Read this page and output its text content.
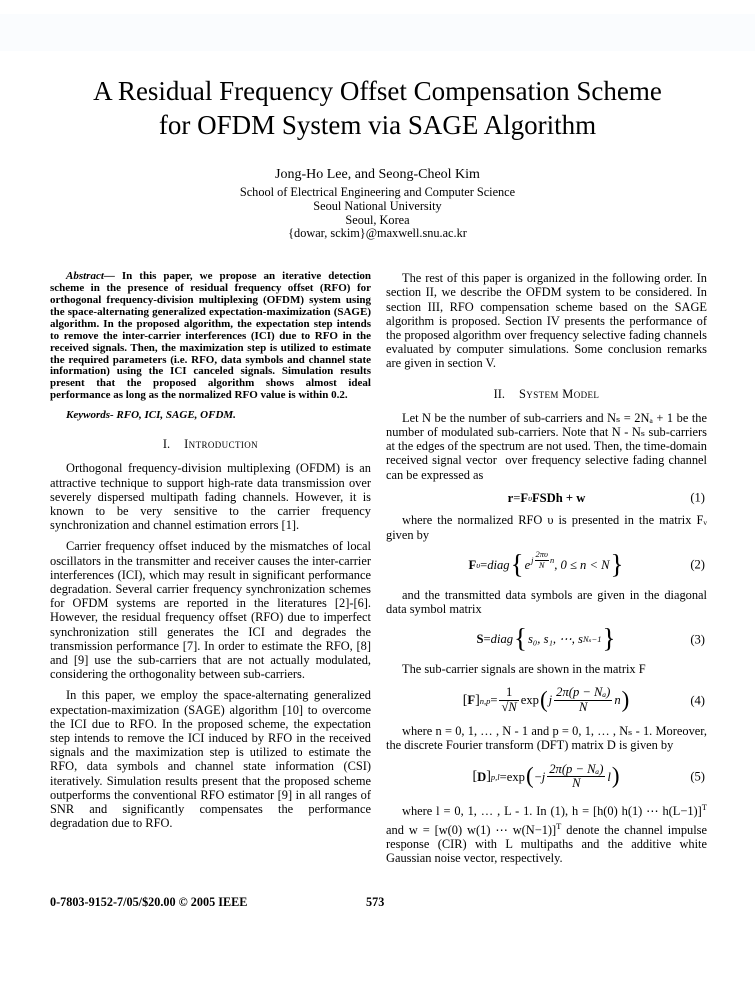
A Residual Frequency Offset Compensation Scheme
for OFDM System via SAGE Algorithm
Jong-Ho Lee, and Seong-Cheol Kim
School of Electrical Engineering and Computer Science
Seoul National University
Seoul, Korea
{dowar, sckim}@maxwell.snu.ac.kr

Abstract— In this paper, we propose an iterative detection scheme in the presence of residual frequency offset (RFO) for orthogonal frequency-division multiplexing (OFDM) system using the space-alternating generalized expectation-maximization (SAGE) algorithm. In the proposed algorithm, the expectation step intends to remove the inter-carrier interferences (ICI) due to RFO in the received signals. Then, the maximization step is utilized to estimate the required parameters (i.e. RFO, data symbols and channel state information) using the ICI canceled signals. Simulation results present that the proposed algorithm shows almost ideal performance as long as the normalized RFO value is within 0.2.

Keywords- RFO, ICI, SAGE, OFDM.

I. Introduction

Orthogonal frequency-division multiplexing (OFDM) is an attractive technique to support high-rate data transmission over severely dispersed multipath fading channels. However, it is known to be very sensitive to the carrier frequency synchronization and channel estimation errors [1].

Carrier frequency offset induced by the mismatches of local oscillators in the transmitter and receiver causes the inter-carrier interferences (ICI), which may result in significant performance degradation. Several carrier frequency synchronization schemes for OFDM systems are reported in the literatures [2]-[6]. However, the residual frequency offset (RFO) due to imperfect synchronization still generates the ICI and degrades the transmission performance [7]. In order to estimate the RFO, [8] and [9] use the sub-carriers that are not actually modulated, considering the orthogonality between sub-carriers.

In this paper, we employ the space-alternating generalized expectation-maximization (SAGE) algorithm [10] to overcome the ICI due to RFO. In the proposed scheme, the expectation step intends to remove the ICI induced by RFO in the received signals and the maximization step is utilized to estimate the RFO, data symbols and channel state information (CSI) iteratively. Simulation results present that the proposed scheme outperforms the conventional RFO estimator [9] in all ranges of SNR and significantly compensates the performance degradation due to RFO.

The rest of this paper is organized in the following order. In section II, we describe the OFDM system to be considered. In section III, RFO compensation scheme based on the SAGE algorithm is proposed. Section IV presents the performance of the proposed algorithm over frequency selective fading channels evaluated by computer simulations. Some conclusion remarks are given in section V.

II. System Model

Let N be the number of sub-carriers and Nₛ = 2Nₐ + 1 be the number of modulated sub-carriers. Note that N - Nₛ sub-carriers at the edges of the spectrum are not used. Then, the time-domain received signal vector  over frequency selective fading channel can be expressed as

r = F υ FSDh + w	(1)

where the normalized RFO υ is presented in the matrix Fᵥ given by

F υ = diag { e j $\frac{2\pi\upsilon}{N}$ n , 0 ≤ n < N }	(2)

and the transmitted data symbols are given in the diagonal data symbol matrix

S = diag { s₀, s₁, ⋯, s Nₛ−1 }	(3)

The sub-carrier signals are shown in the matrix F

[ F ] $n,p = \frac{1}{√N}$ exp ( j $\frac{\text{2π(p − Nₐ)}}{N}$ n )	(4)

where n = 0, 1, … , N - 1 and p = 0, 1, … , Nₛ - 1. Moreover, the discrete Fourier transform (DFT) matrix D is given by

[ D ] p,l = exp ( − j $\frac{\text{2π(p − Nₐ)}}{N}$ l )	(5)

where l = 0, 1, … , L - 1. In (1), h = [h(0) h(1) ⋯ h(L−1)]$^T$ and w = [w(0) w(1) ⋯ w(N−1)]$^T$ denote the channel impulse response (CIR) with L multipaths and the additive white Gaussian noise vector, respectively.

0-7803-9152-7/05/$20.00 © 2005 IEEE	573
